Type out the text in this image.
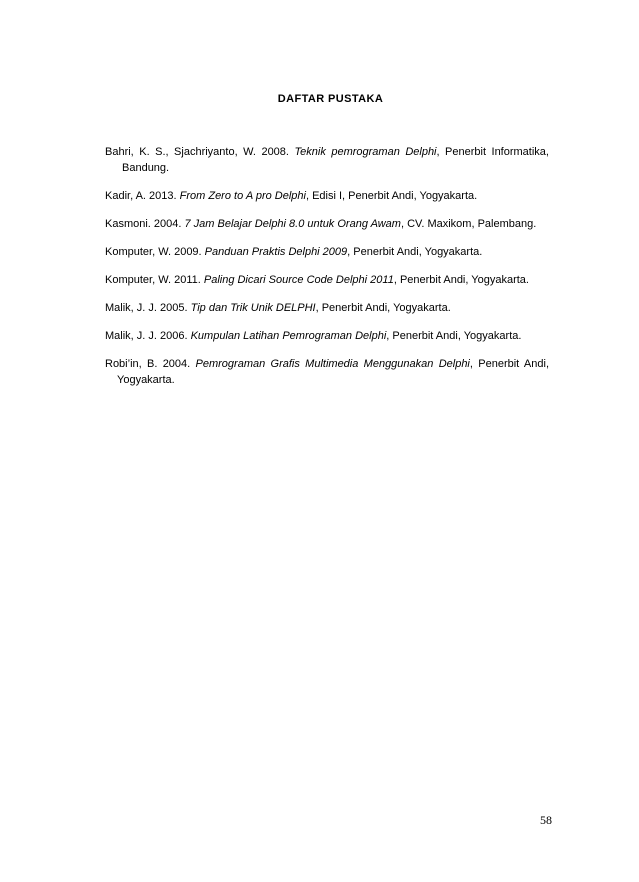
DAFTAR PUSTAKA
Bahri, K. S., Sjachriyanto, W. 2008. Teknik pemrograman Delphi, Penerbit Informatika, Bandung.
Kadir, A. 2013. From Zero to A pro Delphi, Edisi I, Penerbit Andi, Yogyakarta.
Kasmoni. 2004. 7 Jam Belajar Delphi 8.0 untuk Orang Awam, CV. Maxikom, Palembang.
Komputer, W. 2009. Panduan Praktis Delphi 2009, Penerbit Andi, Yogyakarta.
Komputer, W. 2011. Paling Dicari Source Code Delphi 2011, Penerbit Andi, Yogyakarta.
Malik, J. J. 2005. Tip dan Trik Unik DELPHI, Penerbit Andi, Yogyakarta.
Malik, J. J. 2006. Kumpulan Latihan Pemrograman Delphi, Penerbit Andi, Yogyakarta.
Robi’in, B. 2004. Pemrograman Grafis Multimedia Menggunakan Delphi, Penerbit Andi, Yogyakarta.
58
